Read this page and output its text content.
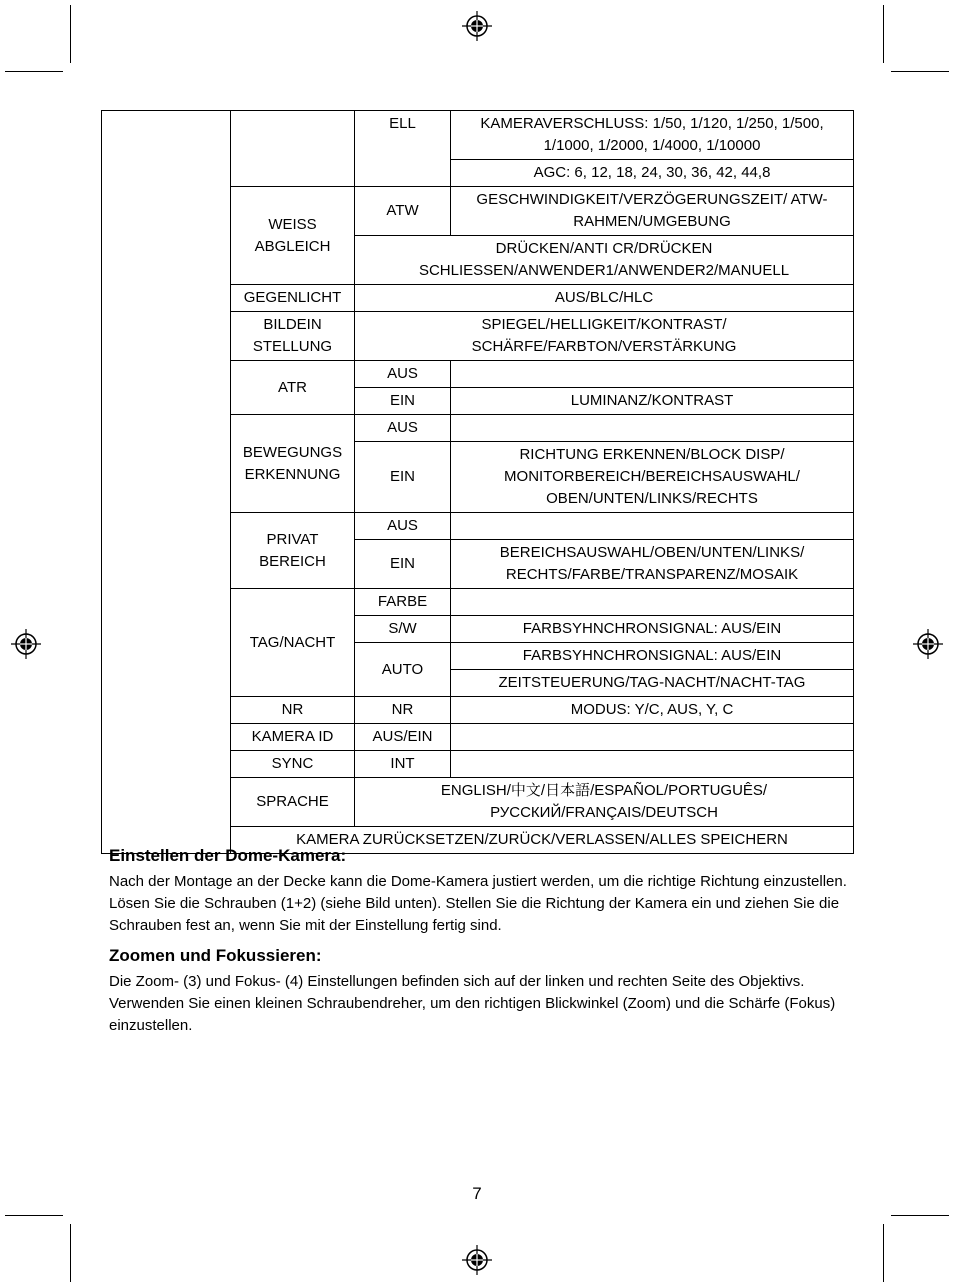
		ELL	KAMERAVERSCHLUSS: 1/50, 1/120, 1/250, 1/500, 1/1000, 1/2000, 1/4000, 1/10000
			AGC: 6, 12, 18, 24, 30, 36, 42, 44,8
	WEISS ABGLEICH	ATW	GESCHWINDIGKEIT/VERZÖGERUNGSZEIT/ ATW-RAHMEN/UMGEBUNG
		DRÜCKEN/ANTI CR/DRÜCKEN SCHLIESSEN/ANWENDER1/ANWENDER2/MANUELL	
	GEGENLICHT	AUS/BLC/HLC	
	BILDEIN STELLUNG	SPIEGEL/HELLIGKEIT/KONTRAST/ SCHÄRFE/FARBTON/VERSTÄRKUNG	
	ATR	AUS	
		EIN	LUMINANZ/KONTRAST
	BEWEGUNGS ERKENNUNG	AUS	
		EIN	RICHTUNG ERKENNEN/BLOCK DISP/ MONITORBEREICH/BEREICHSAUSWAHL/ OBEN/UNTEN/LINKS/RECHTS
	PRIVAT BEREICH	AUS	
		EIN	BEREICHSAUSWAHL/OBEN/UNTEN/LINKS/ RECHTS/FARBE/TRANSPARENZ/MOSAIK
	TAG/NACHT	FARBE	
		S/W	FARBSYHNCHRONSIGNAL: AUS/EIN
		AUTO	FARBSYHNCHRONSIGNAL: AUS/EIN
			ZEITSTEUERUNG/TAG-NACHT/NACHT-TAG
	NR	NR	MODUS: Y/C, AUS, Y, C
	KAMERA ID	AUS/EIN	
	SYNC	INT	
	SPRACHE	ENGLISH/中文/日本語/ESPAÑOL/PORTUGUÊS/ РУССКИЙ/FRANÇAIS/DEUTSCH	
	KAMERA ZURÜCKSETZEN/ZURÜCK/VERLASSEN/ALLES SPEICHERN		
Einstellen der Dome-Kamera:

Nach der Montage an der Decke kann die Dome-Kamera justiert werden, um die richtige Richtung einzustellen. Lösen Sie die Schrauben (1+2) (siehe Bild unten). Stellen Sie die Richtung der Kamera ein und ziehen Sie die Schrauben fest an, wenn Sie mit der Einstellung fertig sind.

Zoomen und Fokussieren:

Die Zoom- (3) und Fokus- (4) Einstellungen befinden sich auf der linken und rechten Seite des Objektivs. Verwenden Sie einen kleinen Schraubendreher, um den richtigen Blickwinkel (Zoom) und die Schärfe (Fokus) einzustellen.

7
